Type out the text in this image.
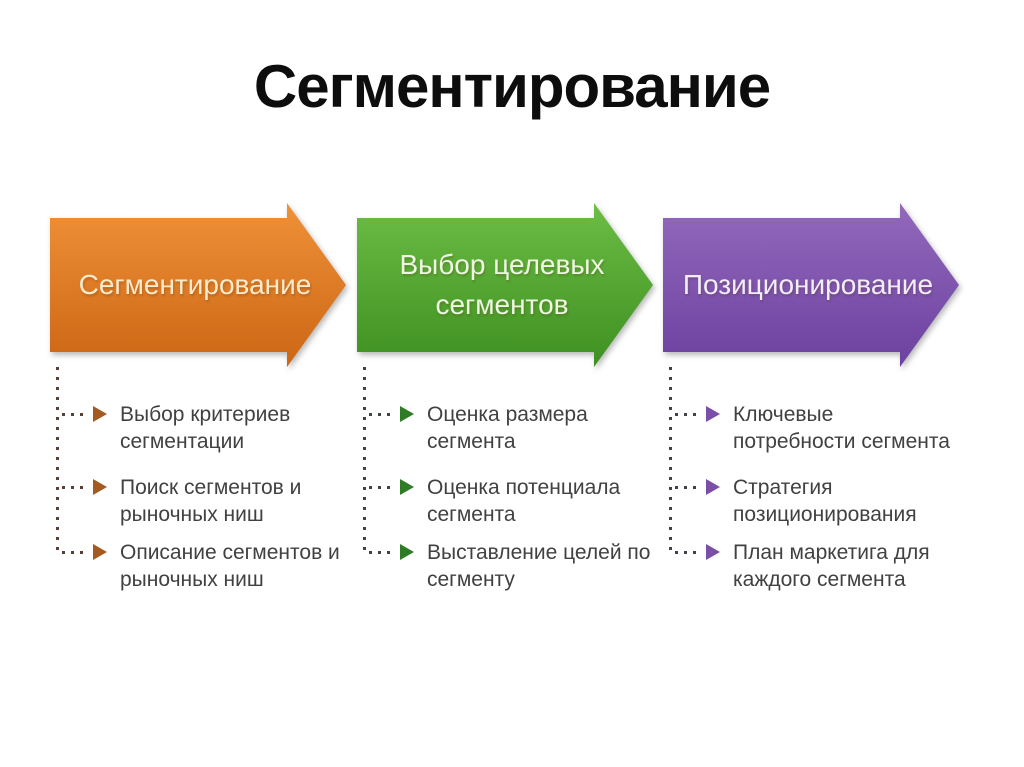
Сегментирование
Сегментирование
Выбор критериев сегментации
Поиск сегментов и рыночных ниш
Описание сегментов и рыночных ниш
Выбор целевых сегментов
Оценка размера сегмента
Оценка потенциала сегмента
Выставление целей по сегменту
Позиционирование
Ключевые потребности сегмента
Стратегия позиционирования
План маркетига для каждого сегмента
